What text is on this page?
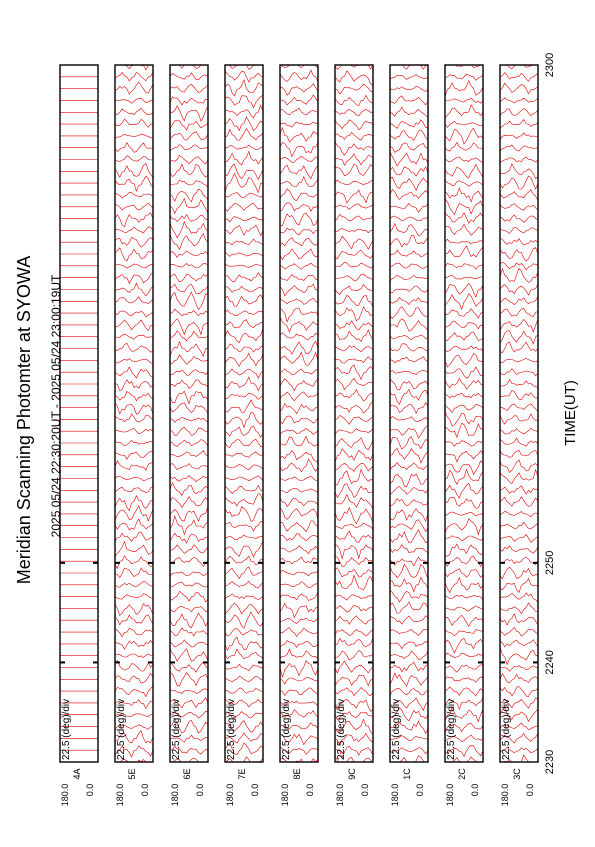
22.5 (deg)/div
180.0
4A
0.0
22.5 (deg)/div
180.0
5E
0.0
22.5 (deg)/div
180.0
6E
0.0
22.5 (deg)/div
180.0
7E
0.0
22.5 (deg)/div
180.0
8E
0.0
22.5 (deg)/div
180.0
9C
0.0
22.5 (deg)/div
180.0
1C
0.0
22.5 (deg)/div
180.0
2C
0.0
22.5 (deg)/div
180.0
3C
0.0
2230
2240
2250
2300
Meridian Scanning Photomter at SYOWA 2025 05/24 22:30:20UT - 2025 05/24 23:00:19UT	TIME(UT)
